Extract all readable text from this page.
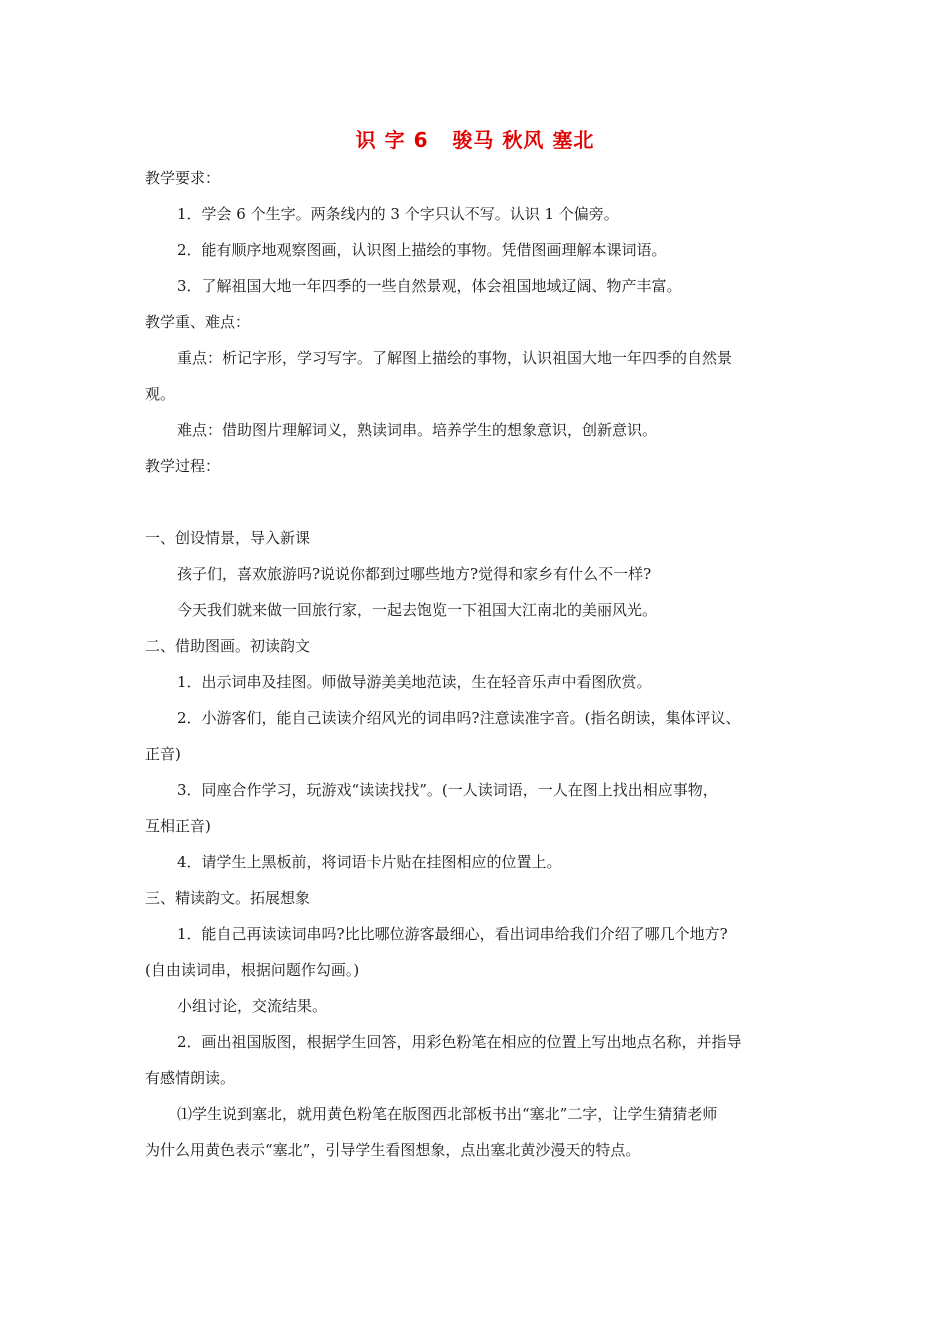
识 字 6   骏马 秋风 塞北
教学要求：
1．学会 6 个生字。两条线内的 3 个字只认不写。认识 1 个偏旁。
2．能有顺序地观察图画，认识图上描绘的事物。凭借图画理解本课词语。
3．了解祖国大地一年四季的一些自然景观，体会祖国地域辽阔、物产丰富。
教学重、难点：
重点：析记字形，学习写字。了解图上描绘的事物，认识祖国大地一年四季的自然景
观。
难点：借助图片理解词义，熟读词串。培养学生的想象意识，创新意识。
教学过程：
一、创设情景，导入新课
孩子们，喜欢旅游吗?说说你都到过哪些地方?觉得和家乡有什么不一样?
今天我们就来做一回旅行家，一起去饱览一下祖国大江南北的美丽风光。
二、借助图画。初读韵文
1．出示词串及挂图。师做导游美美地范读，生在轻音乐声中看图欣赏。
2．小游客们，能自己读读介绍风光的词串吗?注意读准字音。(指名朗读，集体评议、
正音)
3．同座合作学习，玩游戏“读读找找”。(一人读词语，一人在图上找出相应事物，
互相正音)
4．请学生上黑板前，将词语卡片贴在挂图相应的位置上。
三、精读韵文。拓展想象
1．能自己再读读词串吗?比比哪位游客最细心，看出词串给我们介绍了哪几个地方?
(自由读词串，根据问题作勾画。)
小组讨论，交流结果。
2．画出祖国版图，根据学生回答，用彩色粉笔在相应的位置上写出地点名称，并指导
有感情朗读。
⑴学生说到塞北，就用黄色粉笔在版图西北部板书出“塞北”二字，让学生猜猜老师
为什么用黄色表示“塞北”，引导学生看图想象，点出塞北黄沙漫天的特点。
